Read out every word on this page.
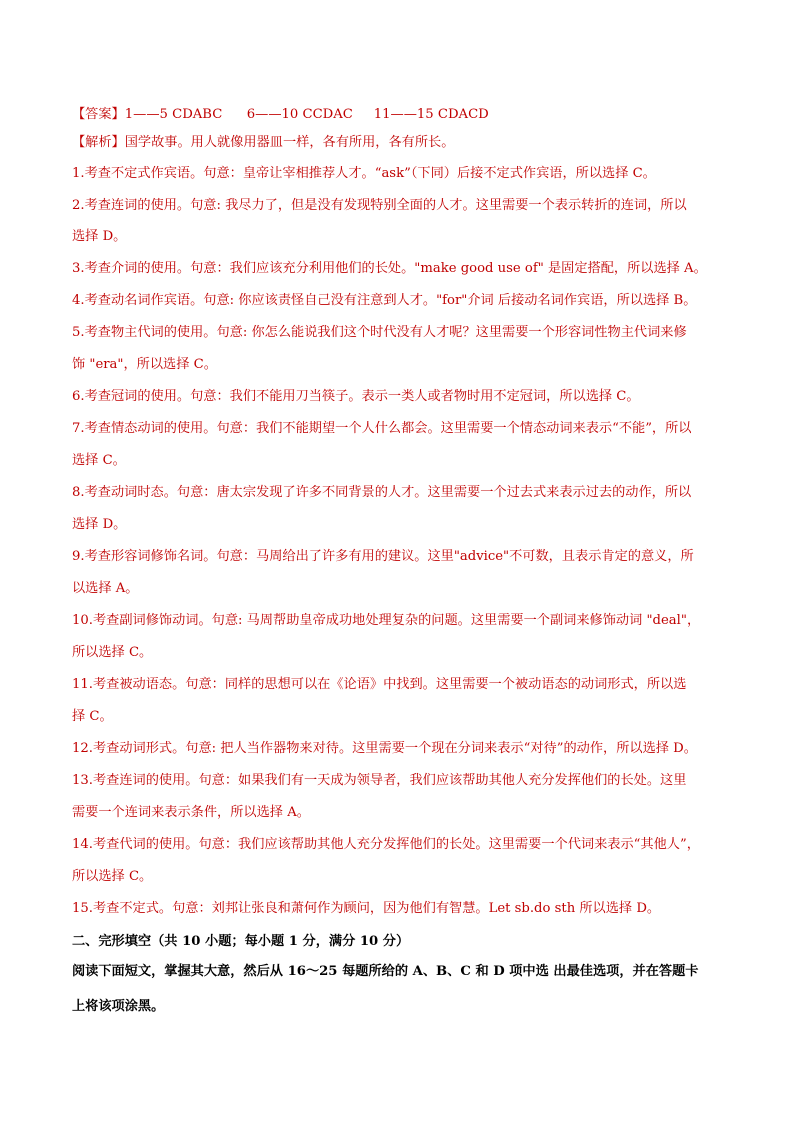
【答案】1——5 CDABC 6——10 CCDAC 11——15 CDACD
【解析】国学故事。用人就像用器皿一样，各有所用，各有所长。
1.考查不定式作宾语。句意：皇帝让宰相推荐人才。“ask”（下同）后接不定式作宾语，所以选择 C。
2.考查连词的使用。句意: 我尽力了，但是没有发现特别全面的人才。这里需要一个表示转折的连词，所以
选择 D。
3.考查介词的使用。句意：我们应该充分利用他们的长处。"make good use of" 是固定搭配，所以选择 A。
4.考查动名词作宾语。句意: 你应该责怪自己没有注意到人才。"for"介词 后接动名词作宾语，所以选择 B。
5.考查物主代词的使用。句意: 你怎么能说我们这个时代没有人才呢？这里需要一个形容词性物主代词来修
饰 "era"，所以选择 C。
6.考查冠词的使用。句意：我们不能用刀当筷子。表示一类人或者物时用不定冠词，所以选择 C。
7.考查情态动词的使用。句意：我们不能期望一个人什么都会。这里需要一个情态动词来表示“不能”，所以
选择 C。
8.考查动词时态。句意：唐太宗发现了许多不同背景的人才。这里需要一个过去式来表示过去的动作，所以
选择 D。
9.考查形容词修饰名词。句意：马周给出了许多有用的建议。这里"advice"不可数，且表示肯定的意义，所
以选择 A。
10.考查副词修饰动词。句意: 马周帮助皇帝成功地处理复杂的问题。这里需要一个副词来修饰动词 "deal"，
所以选择 C。
11.考查被动语态。句意：同样的思想可以在《论语》中找到。这里需要一个被动语态的动词形式，所以选
择 C。
12.考查动词形式。句意: 把人当作器物来对待。这里需要一个现在分词来表示“对待”的动作，所以选择 D。
13.考查连词的使用。句意：如果我们有一天成为领导者，我们应该帮助其他人充分发挥他们的长处。这里
需要一个连词来表示条件，所以选择 A。
14.考查代词的使用。句意：我们应该帮助其他人充分发挥他们的长处。这里需要一个代词来表示“其他人”，
所以选择 C。
15.考查不定式。句意：刘邦让张良和萧何作为顾问，因为他们有智慧。Let sb.do sth 所以选择 D。
二、完形填空（共 10 小题；每小题 1 分，满分 10 分）
阅读下面短文，掌握其大意，然后从 16～25 每题所给的 A、B、C 和 D 项中选 出最佳选项，并在答题卡
上将该项涂黑。
